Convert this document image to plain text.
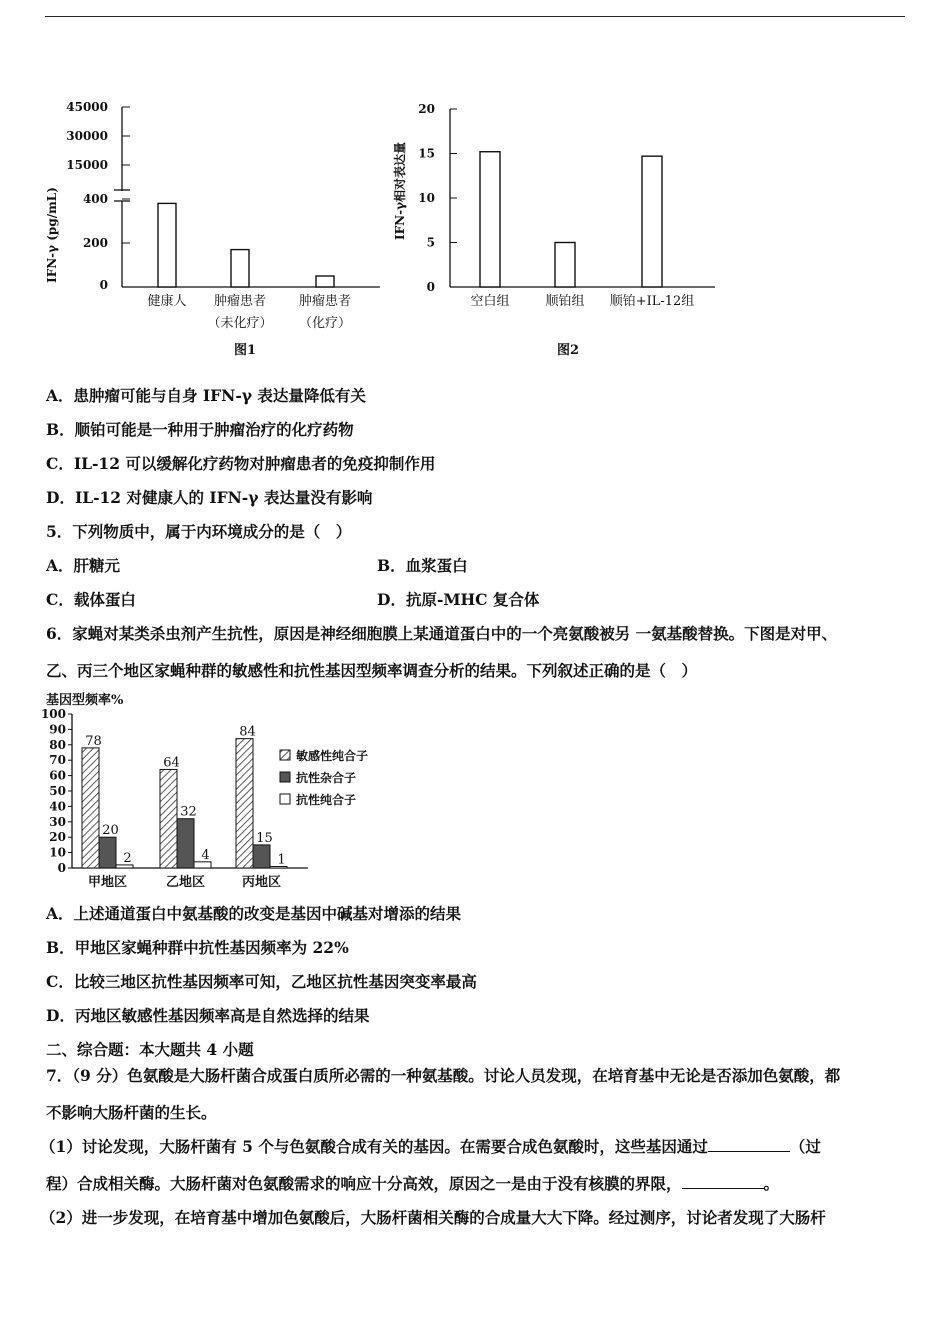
IFN-γ (pg/mL)
45000
30000
15000
400
200
0
健康人 肿瘤患者
（未化疗）
肿瘤患者
（化疗）
图1
IFN-γ相对表达量
20
15
10
5
0
空白组	顺铂组 顺铂+IL-12组
图2
A．患肿瘤可能与自身 IFN-γ 表达量降低有关
B．顺铂可能是一种用于肿瘤治疗的化疗药物
C．IL-12 可以缓解化疗药物对肿瘤患者的免疫抑制作用
D．IL-12 对健康人的 IFN-γ 表达量没有影响
5．下列物质中，属于内环境成分的是（　）
A．肝糖元	B．血浆蛋白
C．载体蛋白	D．抗原-MHC 复合体
6．家蝇对某类杀虫剂产生抗性，原因是神经细胞膜上某通道蛋白中的一个亮氨酸被另 一氨基酸替换。下图是对甲、
乙、丙三个地区家蝇种群的敏感性和抗性基因型频率调查分析的结果。下列叙述正确的是（　）
基因型频率%
100
90
80
70
60
50
40
30
20
10
0
78
20
2
64
32
4
84
15
1
甲地区	乙地区	丙地区
敏感性纯合子
抗性杂合子
抗性纯合子
A．上述通道蛋白中氨基酸的改变是基因中碱基对增添的结果
B．甲地区家蝇种群中抗性基因频率为 22%
C．比较三地区抗性基因频率可知，乙地区抗性基因突变率最高
D．丙地区敏感性基因频率高是自然选择的结果
二、综合题：本大题共 4 小题
7．（9 分）色氨酸是大肠杆菌合成蛋白质所必需的一种氨基酸。讨论人员发现，在培育基中无论是否添加色氨酸，都
不影响大肠杆菌的生长。
（1）讨论发现，大肠杆菌有 5 个与色氨酸合成有关的基因。在需要合成色氨酸时，这些基因通过	（过
程）合成相关酶。大肠杆菌对色氨酸需求的响应十分高效，原因之一是由于没有核膜的界限，	。
（2）进一步发现，在培育基中增加色氨酸后，大肠杆菌相关酶的合成量大大下降。经过测序，讨论者发现了大肠杆
